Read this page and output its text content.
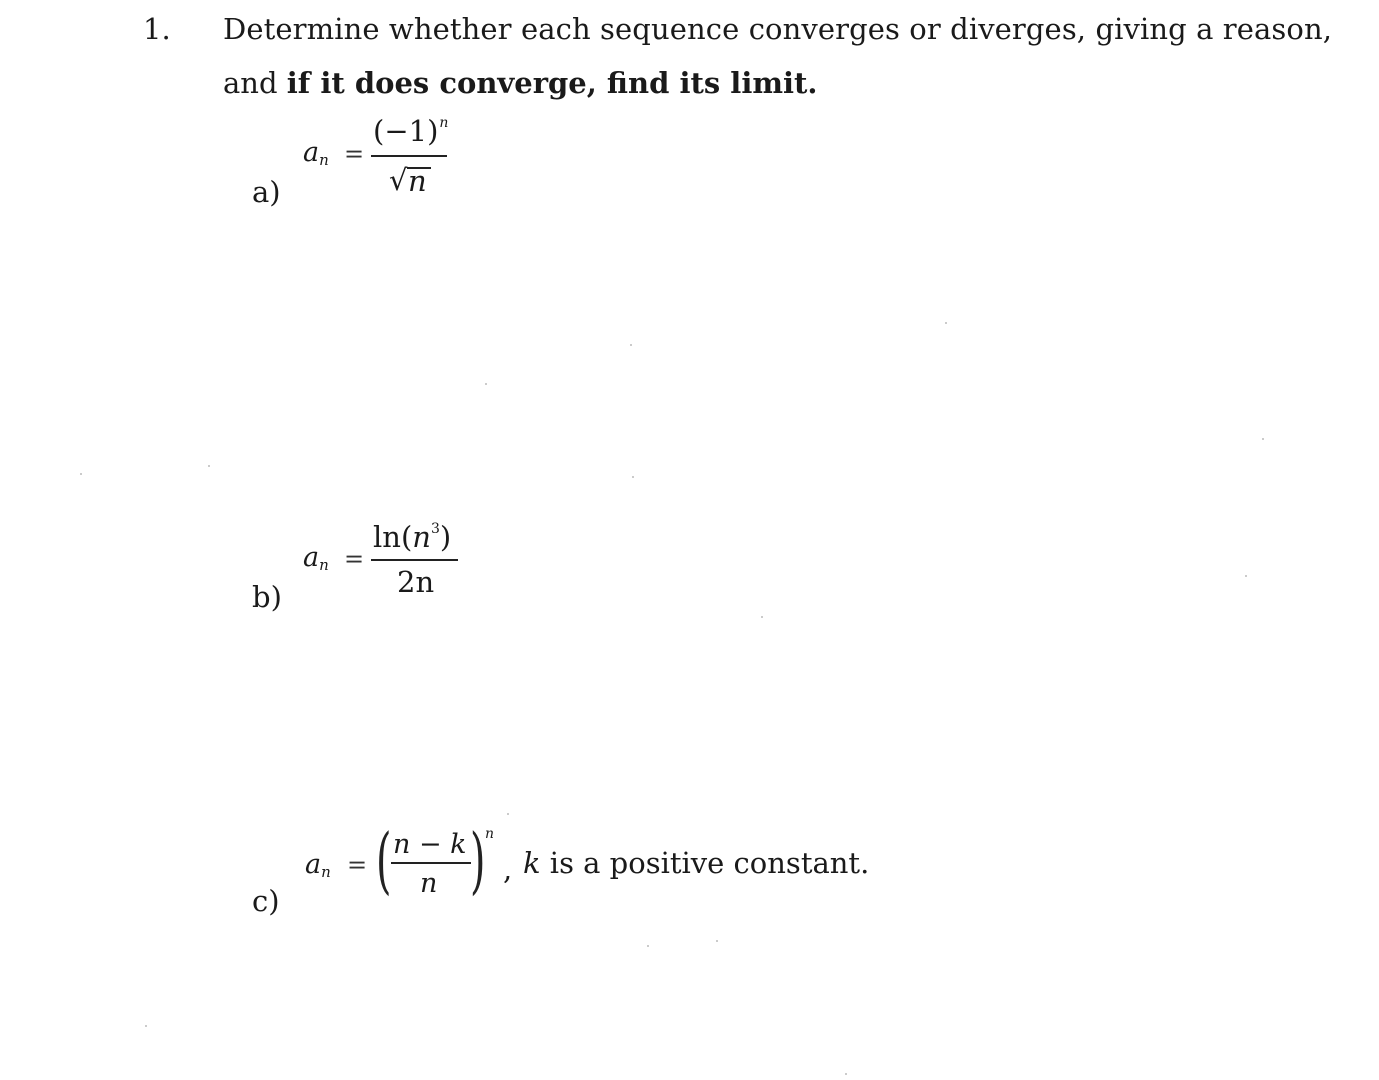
1. Determine whether each sequence converges or diverges, giving a reason,
and if it does converge, find its limit.
a)
$a_n$ =
$(-1)^n$
√ n
b)
$a_n$ =
$\ln(n^3)$
2n
c)
$a_n$ = ( n − k
n ) n
, k is a positive constant.
